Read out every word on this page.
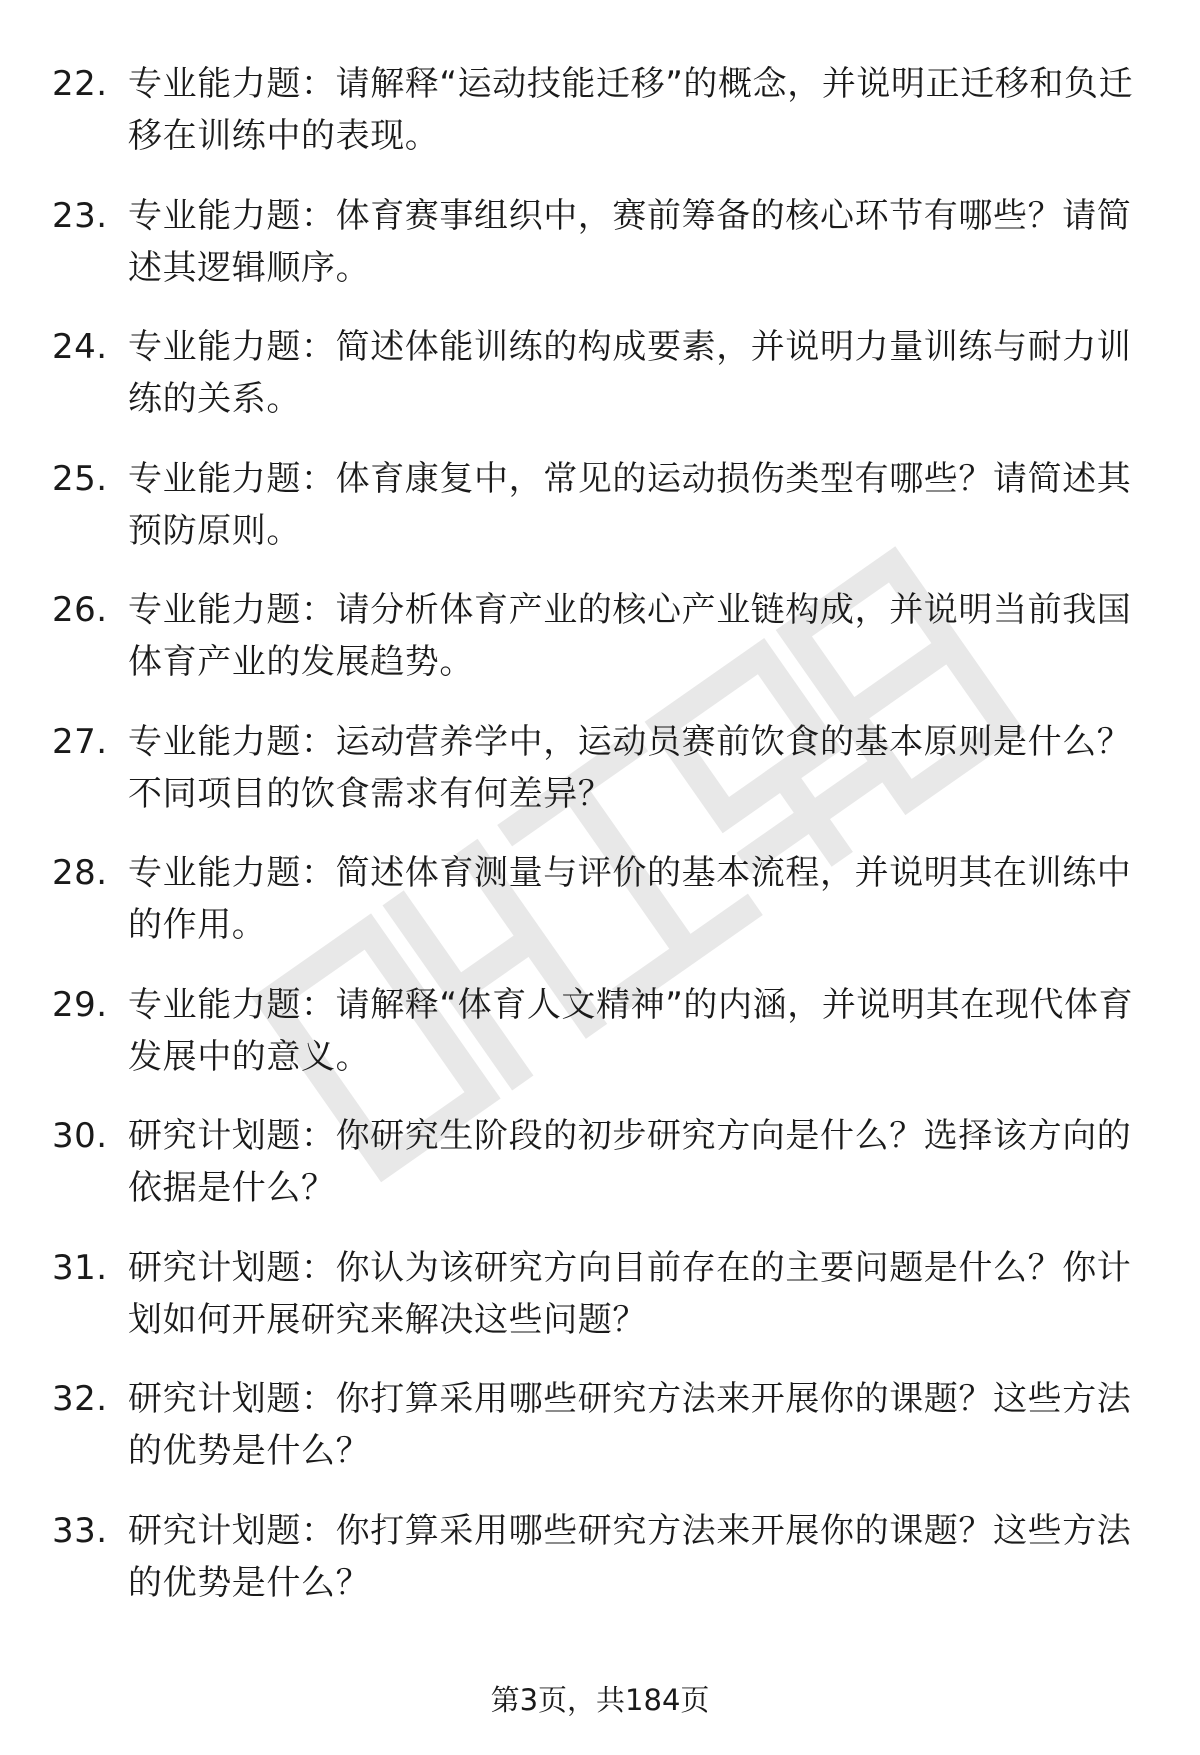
22. 专业能力题：请解释“运动技能迁移”的概念，并说明正迁移和负迁移在训练中的表现。
23. 专业能力题：体育赛事组织中，赛前筹备的核心环节有哪些？请简述其逻辑顺序。
24. 专业能力题：简述体能训练的构成要素，并说明力量训练与耐力训练的关系。
25. 专业能力题：体育康复中，常见的运动损伤类型有哪些？请简述其预防原则。
26. 专业能力题：请分析体育产业的核心产业链构成，并说明当前我国体育产业的发展趋势。
27. 专业能力题：运动营养学中，运动员赛前饮食的基本原则是什么？不同项目的饮食需求有何差异？
28. 专业能力题：简述体育测量与评价的基本流程，并说明其在训练中的作用。
29. 专业能力题：请解释“体育人文精神”的内涵，并说明其在现代体育发展中的意义。
30. 研究计划题：你研究生阶段的初步研究方向是什么？选择该方向的依据是什么？
31. 研究计划题：你认为该研究方向目前存在的主要问题是什么？你计划如何开展研究来解决这些问题？
32. 研究计划题：你打算采用哪些研究方法来开展你的课题？这些方法的优势是什么？
33. 研究计划题：你打算采用哪些研究方法来开展你的课题？这些方法的优势是什么？
第3页，共184页
